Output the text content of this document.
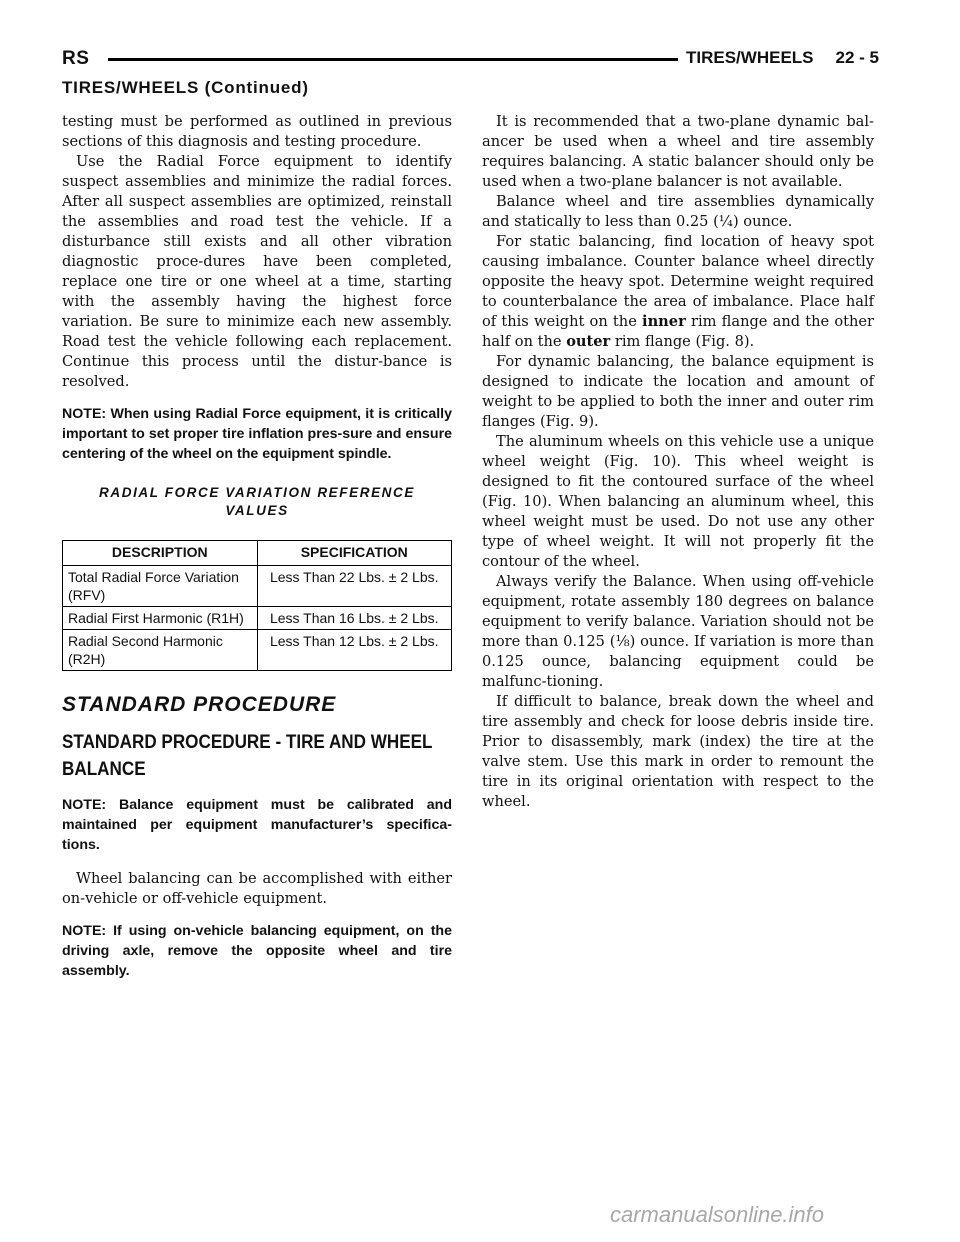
RS	TIRES/WHEELS 22 - 5
TIRES/WHEELS (Continued)

testing must be performed as outlined in previous sections of this diagnosis and testing procedure.

Use the Radial Force equipment to identify suspect assemblies and minimize the radial forces. After all suspect assemblies are optimized, reinstall the assemblies and road test the vehicle. If a disturbance still exists and all other vibration diagnostic proce-dures have been completed, replace one tire or one wheel at a time, starting with the assembly having the highest force variation. Be sure to minimize each new assembly. Road test the vehicle following each replacement. Continue this process until the distur-bance is resolved.

NOTE: When using Radial Force equipment, it is critically important to set proper tire inflation pres-sure and ensure centering of the wheel on the equipment spindle.
RADIAL FORCE VARIATION REFERENCE VALUES
DESCRIPTION	SPECIFICATION
Total Radial Force Variation (RFV)	Less Than 22 Lbs. ± 2 Lbs.
Radial First Harmonic (R1H)	Less Than 16 Lbs. ± 2 Lbs.
Radial Second Harmonic (R2H)	Less Than 12 Lbs. ± 2 Lbs.
STANDARD PROCEDURE
STANDARD PROCEDURE - TIRE AND WHEEL BALANCE
NOTE: Balance equipment must be calibrated and maintained per equipment manufacturer’s specifica-tions.

Wheel balancing can be accomplished with either on-vehicle or off-vehicle equipment.

NOTE: If using on-vehicle balancing equipment, on the driving axle, remove the opposite wheel and tire assembly.

It is recommended that a two-plane dynamic bal-ancer be used when a wheel and tire assembly requires balancing. A static balancer should only be used when a two-plane balancer is not available.

Balance wheel and tire assemblies dynamically and statically to less than 0.25 (¼) ounce.

For static balancing, find location of heavy spot causing imbalance. Counter balance wheel directly opposite the heavy spot. Determine weight required to counterbalance the area of imbalance. Place half of this weight on the inner rim flange and the other half on the outer rim flange (Fig. 8).

For dynamic balancing, the balance equipment is designed to indicate the location and amount of weight to be applied to both the inner and outer rim flanges (Fig. 9).

The aluminum wheels on this vehicle use a unique wheel weight (Fig. 10). This wheel weight is designed to fit the contoured surface of the wheel (Fig. 10). When balancing an aluminum wheel, this wheel weight must be used. Do not use any other type of wheel weight. It will not properly fit the contour of the wheel.

Always verify the Balance. When using off-vehicle equipment, rotate assembly 180 degrees on balance equipment to verify balance. Variation should not be more than 0.125 (⅛) ounce. If variation is more than 0.125 ounce, balancing equipment could be malfunc-tioning.

If difficult to balance, break down the wheel and tire assembly and check for loose debris inside tire. Prior to disassembly, mark (index) the tire at the valve stem. Use this mark in order to remount the tire in its original orientation with respect to the wheel.

carmanualsonline.info
